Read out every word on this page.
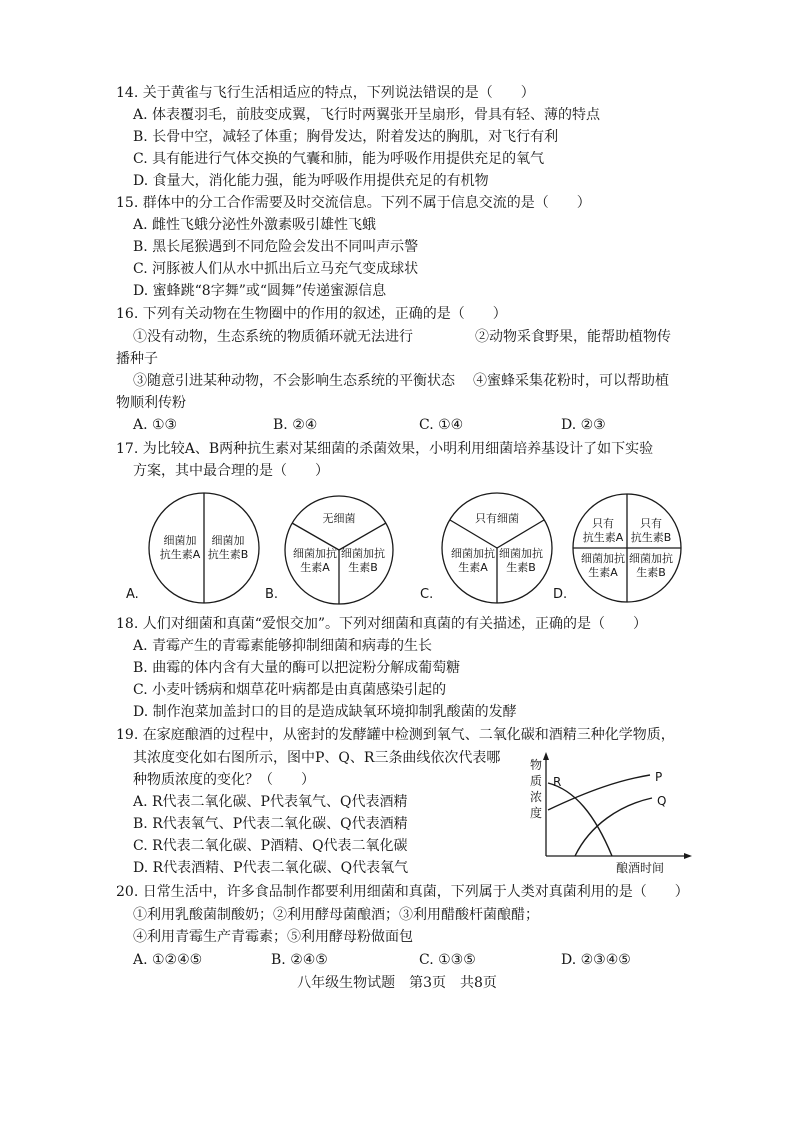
14. 关于黄雀与飞行生活相适应的特点，下列说法错误的是（　　）
A. 体表覆羽毛，前肢变成翼，飞行时两翼张开呈扇形，骨具有轻、薄的特点
B. 长骨中空，减轻了体重；胸骨发达，附着发达的胸肌，对飞行有利
C. 具有能进行气体交换的气囊和肺，能为呼吸作用提供充足的氧气
D. 食量大，消化能力强，能为呼吸作用提供充足的有机物
15. 群体中的分工合作需要及时交流信息。下列不属于信息交流的是（　　）
A. 雌性飞蛾分泌性外激素吸引雄性飞蛾
B. 黑长尾猴遇到不同危险会发出不同叫声示警
C. 河豚被人们从水中抓出后立马充气变成球状
D. 蜜蜂跳“8字舞”或“圆舞”传递蜜源信息
16. 下列有关动物在生物圈中的作用的叙述，正确的是（　　）
①没有动物，生态系统的物质循环就无法进行	②动物采食野果，能帮助植物传
播种子
③随意引进某种动物，不会影响生态系统的平衡状态 ④蜜蜂采集花粉时，可以帮助植
物顺利传粉
A. ①③	B. ②④	C. ①④	D. ②③
17. 为比较A、B两种抗生素对某细菌的杀菌效果，小明利用细菌培养基设计了如下实验
方案，其中最合理的是（　　）
细菌加
抗生素A
细菌加
抗生素B
A.
无细菌
细菌加抗
生素A
细菌加抗
生素B
B.
只有细菌
细菌加抗
生素A
细菌加抗
生素B
C.
只有
抗生素A
只有
抗生素B
细菌加抗
生素A
细菌加抗
生素B
D.
物
质
浓
度
P
Q
R
酿酒时间
18. 人们对细菌和真菌“爱恨交加”。下列对细菌和真菌的有关描述，正确的是（　　）
A. 青霉产生的青霉素能够抑制细菌和病毒的生长
B. 曲霉的体内含有大量的酶可以把淀粉分解成葡萄糖
C. 小麦叶锈病和烟草花叶病都是由真菌感染引起的
D. 制作泡菜加盖封口的目的是造成缺氧环境抑制乳酸菌的发酵
19. 在家庭酿酒的过程中，从密封的发酵罐中检测到氧气、二氧化碳和酒精三种化学物质，
其浓度变化如右图所示，图中P、Q、R三条曲线依次代表哪
种物质浓度的变化？（　　）
A. R代表二氧化碳、P代表氧气、Q代表酒精
B. R代表氧气、P代表二氧化碳、Q代表酒精
C. R代表二氧化碳、P酒精、Q代表二氧化碳
D. R代表酒精、P代表二氧化碳、Q代表氧气
20. 日常生活中，许多食品制作都要利用细菌和真菌，下列属于人类对真菌利用的是（　　）
①利用乳酸菌制酸奶；②利用酵母菌酿酒；③利用醋酸杆菌酿醋；
④利用青霉生产青霉素；⑤利用酵母粉做面包
A. ①②④⑤	B. ②④⑤	C. ①③⑤	D. ②③④⑤
八年级生物试题　第3页　共8页
